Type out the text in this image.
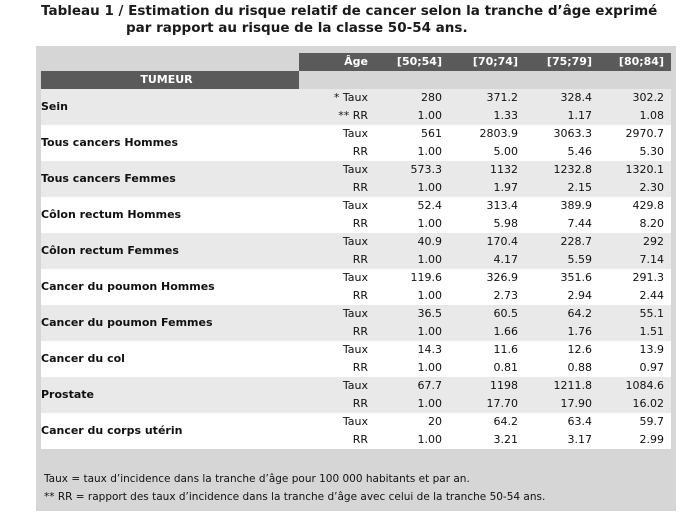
Tableau 1 / Estimation du risque relatif de cancer selon la tranche d’âge exprimé
par rapport au risque de la classe 50-54 ans.
	Âge	[50;54]	[70;74]	[75;79]	[80;84]
TUMEUR					
Sein	* Taux	280	371.2	328.4	302.2
	** RR	1.00	1.33	1.17	1.08
Tous cancers Hommes	Taux	561	2803.9	3063.3	2970.7
	RR	1.00	5.00	5.46	5.30
Tous cancers Femmes	Taux	573.3	1132	1232.8	1320.1
	RR	1.00	1.97	2.15	2.30
Côlon rectum Hommes	Taux	52.4	313.4	389.9	429.8
	RR	1.00	5.98	7.44	8.20
Côlon rectum Femmes	Taux	40.9	170.4	228.7	292
	RR	1.00	4.17	5.59	7.14
Cancer du poumon Hommes	Taux	119.6	326.9	351.6	291.3
	RR	1.00	2.73	2.94	2.44
Cancer du poumon Femmes	Taux	36.5	60.5	64.2	55.1
	RR	1.00	1.66	1.76	1.51
Cancer du col	Taux	14.3	11.6	12.6	13.9
	RR	1.00	0.81	0.88	0.97
Prostate	Taux	67.7	1198	1211.8	1084.6
	RR	1.00	17.70	17.90	16.02
Cancer du corps utérin	Taux	20	64.2	63.4	59.7
	RR	1.00	3.21	3.17	2.99
Taux = taux d’incidence dans la tranche d’âge pour 100 000 habitants et par an.
** RR = rapport des taux d’incidence dans la tranche d’âge avec celui de la tranche 50-54 ans.
